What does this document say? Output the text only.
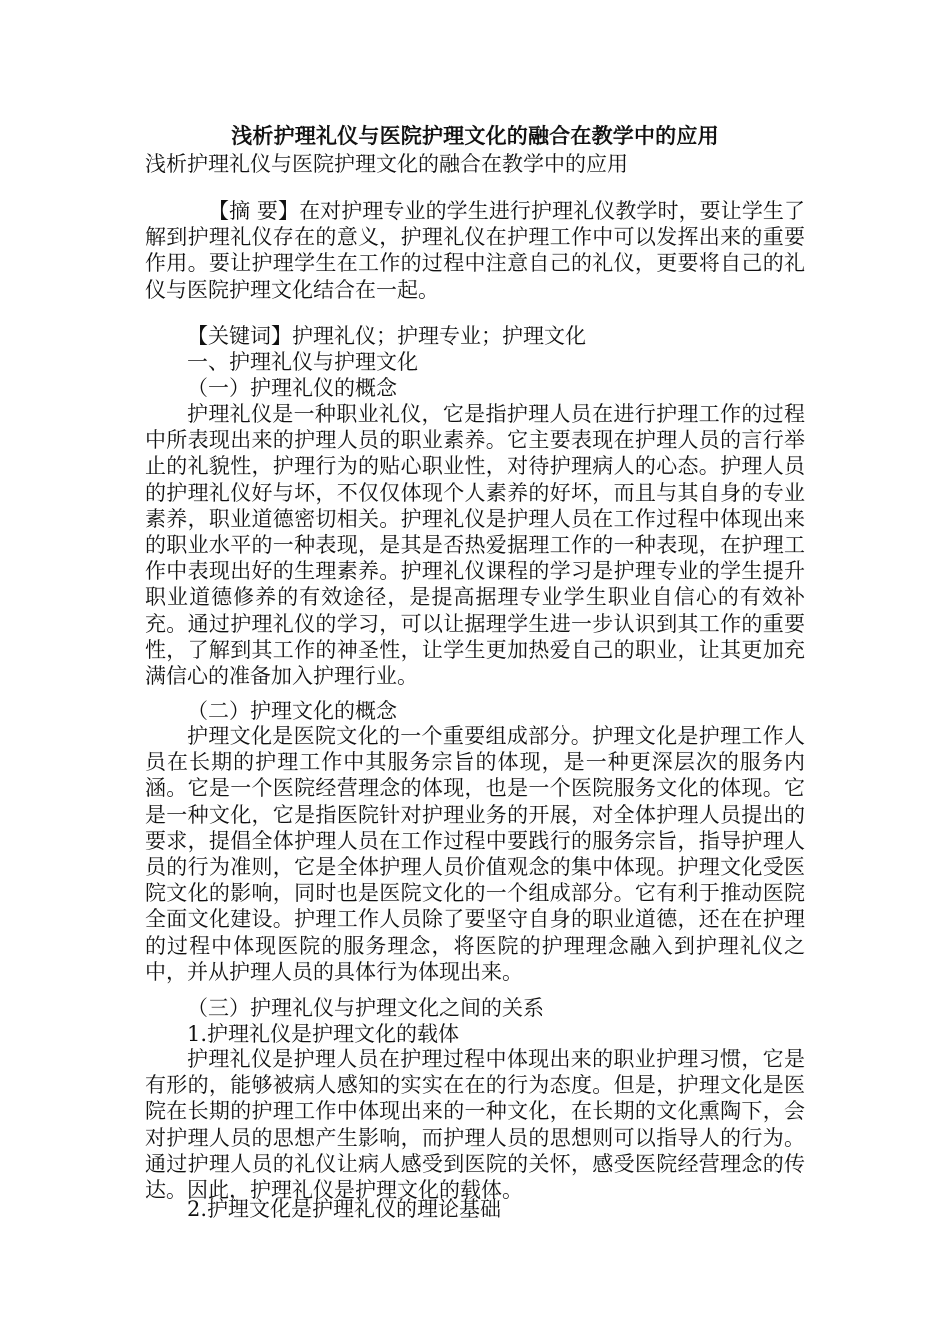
浅析护理礼仪与医院护理文化的融合在教学中的应用
浅析护理礼仪与医院护理文化的融合在教学中的应用
【摘 要】在对护理专业的学生进行护理礼仪教学时，要让学生了解到护理礼仪存在的意义，护理礼仪在护理工作中可以发挥出来的重要作用。要让护理学生在工作的过程中注意自己的礼仪，更要将自己的礼仪与医院护理文化结合在一起。
【关键词】护理礼仪；护理专业；护理文化
一、护理礼仪与护理文化
（一）护理礼仪的概念
护理礼仪是一种职业礼仪，它是指护理人员在进行护理工作的过程中所表现出来的护理人员的职业素养。它主要表现在护理人员的言行举止的礼貌性，护理行为的贴心职业性，对待护理病人的心态。护理人员的护理礼仪好与坏，不仅仅体现个人素养的好坏，而且与其自身的专业素养，职业道德密切相关。护理礼仪是护理人员在工作过程中体现出来的职业水平的一种表现，是其是否热爱据理工作的一种表现，在护理工作中表现出好的生理素养。护理礼仪课程的学习是护理专业的学生提升职业道德修养的有效途径，是提高据理专业学生职业自信心的有效补充。通过护理礼仪的学习，可以让据理学生进一步认识到其工作的重要性，了解到其工作的神圣性，让学生更加热爱自己的职业，让其更加充满信心的准备加入护理行业。
（二）护理文化的概念
护理文化是医院文化的一个重要组成部分。护理文化是护理工作人员在长期的护理工作中其服务宗旨的体现，是一种更深层次的服务内涵。它是一个医院经营理念的体现，也是一个医院服务文化的体现。它是一种文化，它是指医院针对护理业务的开展，对全体护理人员提出的要求，提倡全体护理人员在工作过程中要践行的服务宗旨，指导护理人员的行为准则，它是全体护理人员价值观念的集中体现。护理文化受医院文化的影响，同时也是医院文化的一个组成部分。它有利于推动医院全面文化建设。护理工作人员除了要坚守自身的职业道德，还在在护理的过程中体现医院的服务理念，将医院的护理理念融入到护理礼仪之中，并从护理人员的具体行为体现出来。
（三）护理礼仪与护理文化之间的关系
1.护理礼仪是护理文化的载体
护理礼仪是护理人员在护理过程中体现出来的职业护理习惯，它是有形的，能够被病人感知的实实在在的行为态度。但是，护理文化是医院在长期的护理工作中体现出来的一种文化，在长期的文化熏陶下，会对护理人员的思想产生影响，而护理人员的思想则可以指导人的行为。通过护理人员的礼仪让病人感受到医院的关怀，感受医院经营理念的传达。因此，护理礼仪是护理文化的载体。
2.护理文化是护理礼仪的理论基础
